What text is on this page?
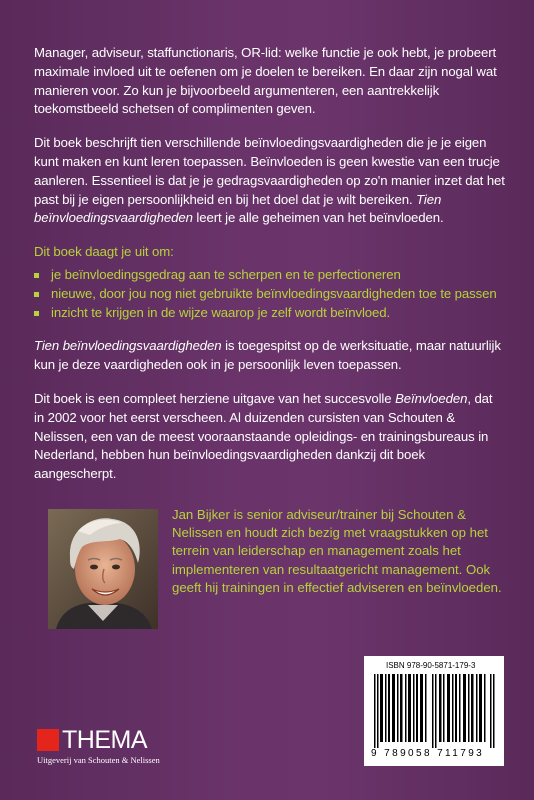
Manager, adviseur, staffunctionaris, OR-lid: welke functie je ook hebt, je probeert maximale invloed uit te oefenen om je doelen te bereiken. En daar zijn nogal wat manieren voor. Zo kun je bijvoorbeeld argumenteren, een aantrekkelijk toekomstbeeld schetsen of complimenten geven.

Dit boek beschrijft tien verschillende beïnvloedingsvaardigheden die je je eigen kunt maken en kunt leren toepassen. Beïnvloeden is geen kwestie van een trucje aanleren. Essentieel is dat je je gedragsvaardigheden op zo'n manier inzet dat het past bij je eigen persoonlijkheid en bij het doel dat je wilt bereiken. Tien beïnvloedingsvaardigheden leert je alle geheimen van het beïnvloeden.

Dit boek daagt je uit om:

je beïnvloedingsgedrag aan te scherpen en te perfectioneren
nieuwe, door jou nog niet gebruikte beïnvloedingsvaardigheden toe te passen
inzicht te krijgen in de wijze waarop je zelf wordt beïnvloed.

Tien beïnvloedingsvaardigheden is toegespitst op de werksituatie, maar natuurlijk kun je deze vaardigheden ook in je persoonlijk leven toepassen.

Dit boek is een compleet herziene uitgave van het succesvolle Beïnvloeden, dat in 2002 voor het eerst verscheen. Al duizenden cursisten van Schouten & Nelissen, een van de meest vooraanstaande opleidings- en trainingsbureaus in Nederland, hebben hun beïnvloedingsvaardigheden dankzij dit boek aangescherpt.

Jan Bijker is senior adviseur/trainer bij Schouten & Nelissen en houdt zich bezig met vraagstukken op het terrein van leiderschap en management zoals het implementeren van resultaatgericht management. Ook geeft hij trainingen in effectief adviseren en beïnvloeden.
ISBN 978-90-5871-179-3
9 789058 711793
THEMA
Uitgeverij van Schouten & Nelissen
